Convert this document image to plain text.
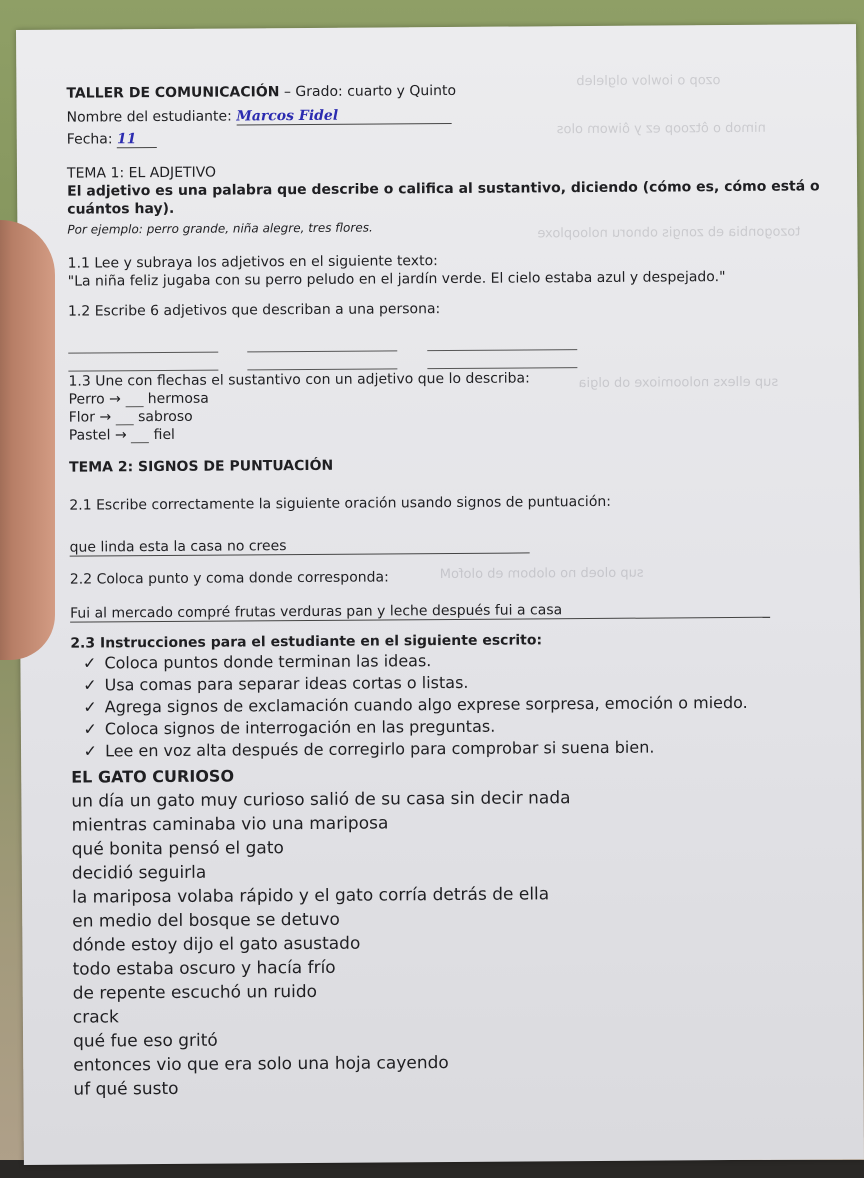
ozop o iowlov olgleleb
nimob o ôtzoop ez y ôiwom olos
tozogonbia eb zongis obnoru nolooploxe
sup ellexs noloomioxe ob olgia
sup oloeb no olobom eb olofoM
TALLER DE COMUNICACIÓN – Grado: cuarto y Quinto
Nombre del estudiante: Marcos Fidel
Fecha: 11
TEMA 1: EL ADJETIVO
El adjetivo es una palabra que describe o califica al sustantivo, diciendo (cómo es, cómo está o
cuántos hay).
Por ejemplo: perro grande, niña alegre, tres flores.
1.1 Lee y subraya los adjetivos en el siguiente texto:
"La niña feliz jugaba con su perro peludo en el jardín verde. El cielo estaba azul y despejado."
1.2 Escribe 6 adjetivos que describan a una persona:

1.3 Une con flechas el sustantivo con un adjetivo que lo describa:
Perro → hermosa
Flor → sabroso
Pastel → fiel
TEMA 2: SIGNOS DE PUNTUACIÓN
2.1 Escribe correctamente la siguiente oración usando signos de puntuación:
que linda esta la casa no crees
2.2 Coloca punto y coma donde corresponda:
Fui al mercado compré frutas verduras pan y leche después fui a casa
2.3 Instrucciones para el estudiante en el siguiente escrito:
✓ Coloca puntos donde terminan las ideas.
✓ Usa comas para separar ideas cortas o listas.
✓ Agrega signos de exclamación cuando algo exprese sorpresa, emoción o miedo.
✓ Coloca signos de interrogación en las preguntas.
✓ Lee en voz alta después de corregirlo para comprobar si suena bien.
EL GATO CURIOSO
un día un gato muy curioso salió de su casa sin decir nada
mientras caminaba vio una mariposa
qué bonita pensó el gato
decidió seguirla
la mariposa volaba rápido y el gato corría detrás de ella
en medio del bosque se detuvo
dónde estoy dijo el gato asustado
todo estaba oscuro y hacía frío
de repente escuchó un ruido
crack
qué fue eso gritó
entonces vio que era solo una hoja cayendo
uf qué susto
